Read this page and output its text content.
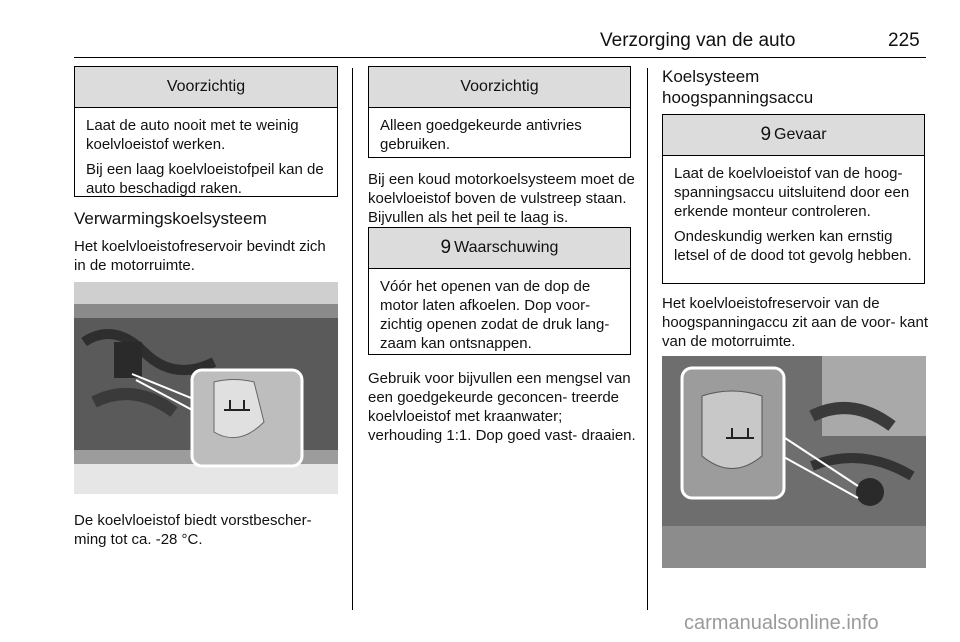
Verzorging van de auto	225
Voorzichtig

Laat de auto nooit met te weinig koelvloeistof werken.

Bij een laag koelvloeistofpeil kan de auto beschadigd raken.

Verwarmingskoelsysteem
Het koelvloeistofreservoir bevindt zich in de motorruimte.
De koelvloeistof biedt vorstbescher- ming tot ca. -28 °C.
Voorzichtig

Alleen goedgekeurde antivries gebruiken.

Bij een koud motorkoelsysteem moet de koelvloeistof boven de vulstreep staan. Bijvullen als het peil te laag is.
9 Waarschuwing

Vóór het openen van de dop de motor laten afkoelen. Dop voor- zichtig openen zodat de druk lang- zaam kan ontsnappen.

Gebruik voor bijvullen een mengsel van een goedgekeurde geconcen- treerde koelvloeistof met kraanwater; verhouding 1:1. Dop goed vast- draaien.
Koelsysteem
hoogspanningsaccu
9 Gevaar

Laat de koelvloeistof van de hoog- spanningsaccu uitsluitend door een erkende monteur controleren.

Ondeskundig werken kan ernstig letsel of de dood tot gevolg hebben.

Het koelvloeistofreservoir van de hoogspanningaccu zit aan de voor- kant van de motorruimte.
carmanualsonline.info
